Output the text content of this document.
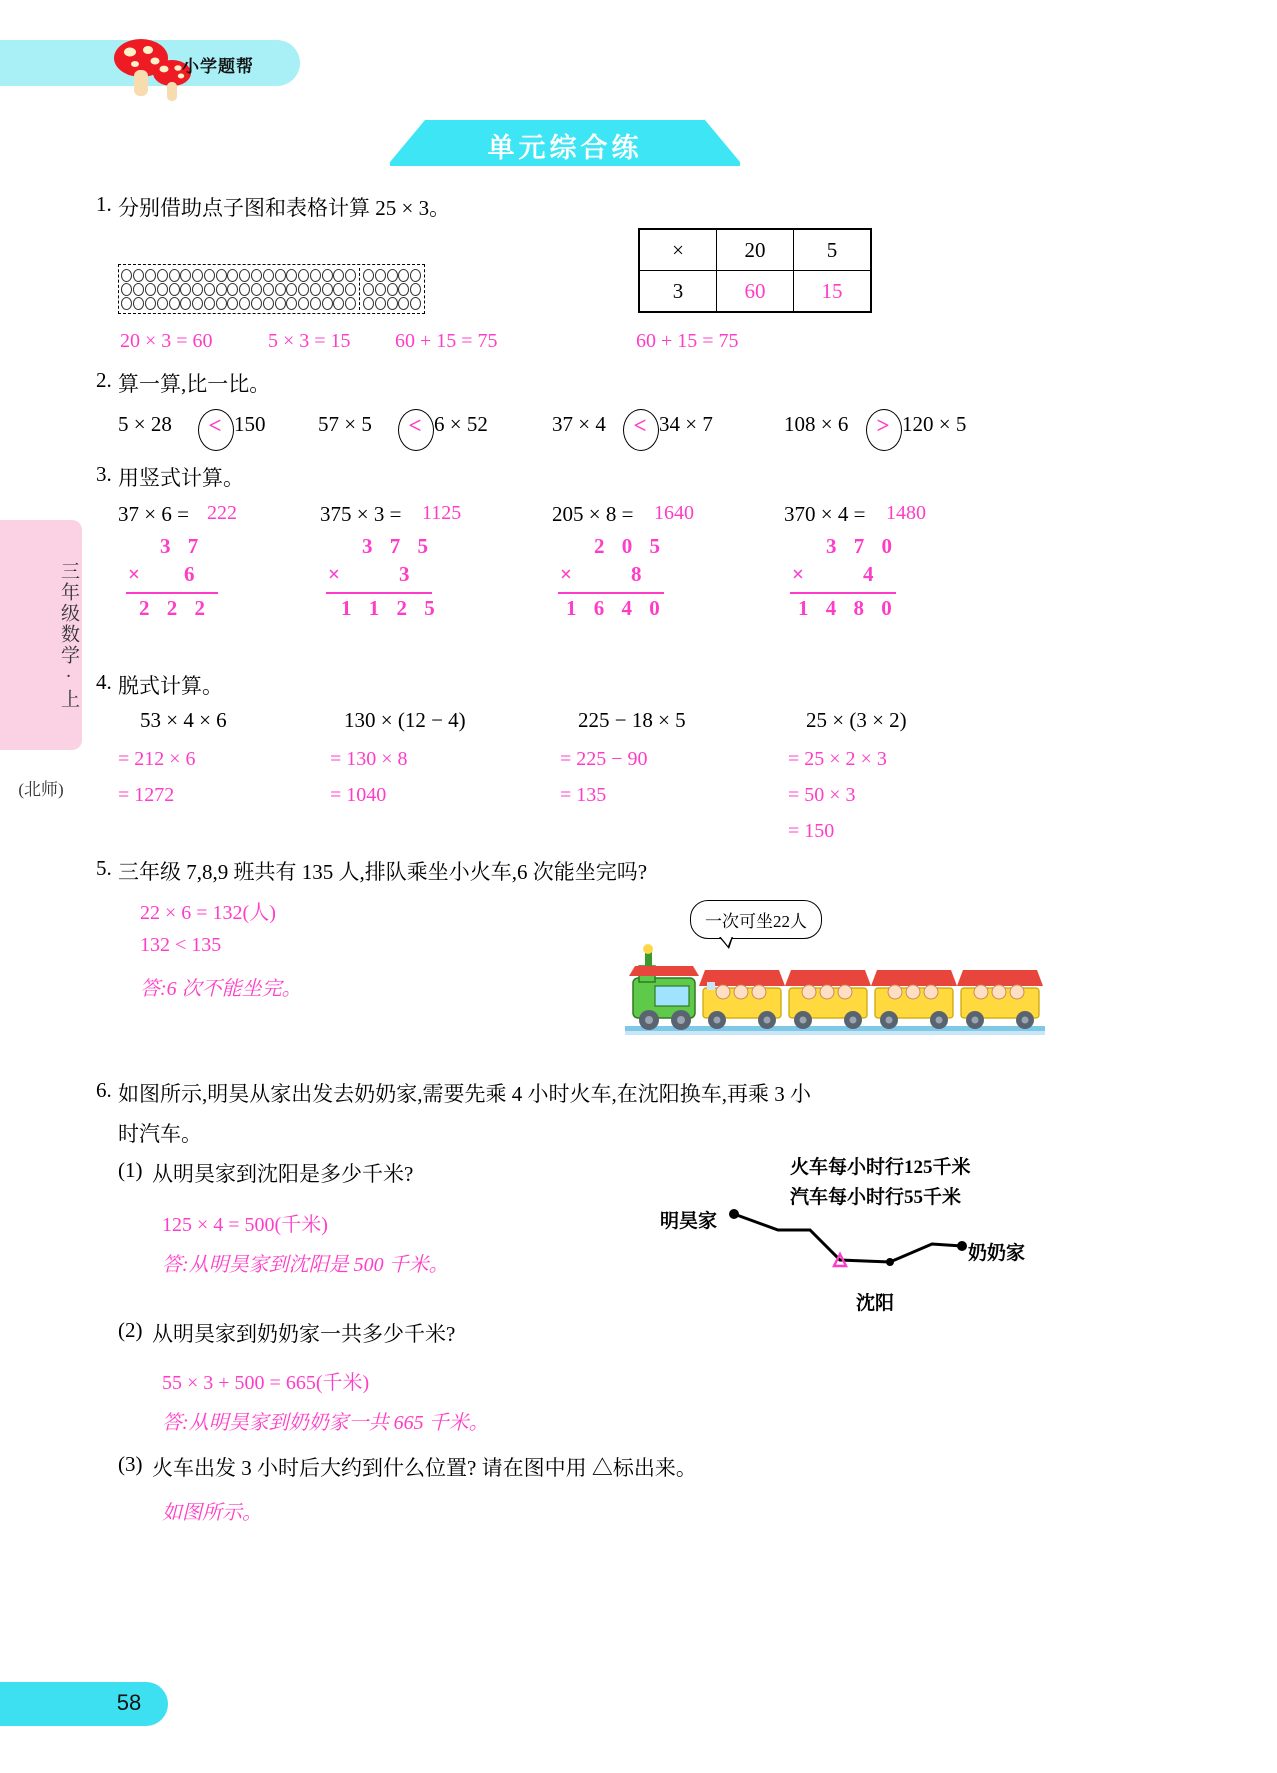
小学题帮
单元综合练
三年级数学·上
(北师)
1. 分别借助点子图和表格计算 25 × 3。
20 × 3 = 60	5 × 3 = 15 60 + 15 = 75
×	20	5
3	60	15
60 + 15 = 75
2. 算一算,比一比。
5 × 28	< 150	57 × 5	< 6 × 52	37 × 4	< 34 × 7	108 × 6	> 120 × 5
3. 用竖式计算。
37 × 6 = 222
3 7
× 6
2 2 2
375 × 3 = 1125
3 7 5
×	3
1 1 2 5
205 × 8 = 1640
2 0 5
×	8
1 6 4 0
370 × 4 = 1480
3 7 0
×	4
1 4 8 0
4. 脱式计算。
53 × 4 × 6
= 212 × 6
= 1272
130 × (12 − 4)
= 130 × 8
= 1040
225 − 18 × 5
= 225 − 90
= 135
25 × (3 × 2)
= 25 × 2 × 3
= 50 × 3
= 150
5. 三年级 7,8,9 班共有 135 人,排队乘坐小火车,6 次能坐完吗?
22 × 6 = 132(人)
132 < 135
答:6 次不能坐完。
一次可坐22人
6. 如图所示,明昊从家出发去奶奶家,需要先乘 4 小时火车,在沈阳换车,再乘 3 小
时汽车。
(1) 从明昊家到沈阳是多少千米?
125 × 4 = 500(千米)
答:从明昊家到沈阳是 500 千米。
(2) 从明昊家到奶奶家一共多少千米?
55 × 3 + 500 = 665(千米)
答:从明昊家到奶奶家一共 665 千米。
(3) 火车出发 3 小时后大约到什么位置? 请在图中用 △标出来。
如图所示。
火车每小时行125千米
汽车每小时行55千米
明昊家
奶奶家
沈阳
58
